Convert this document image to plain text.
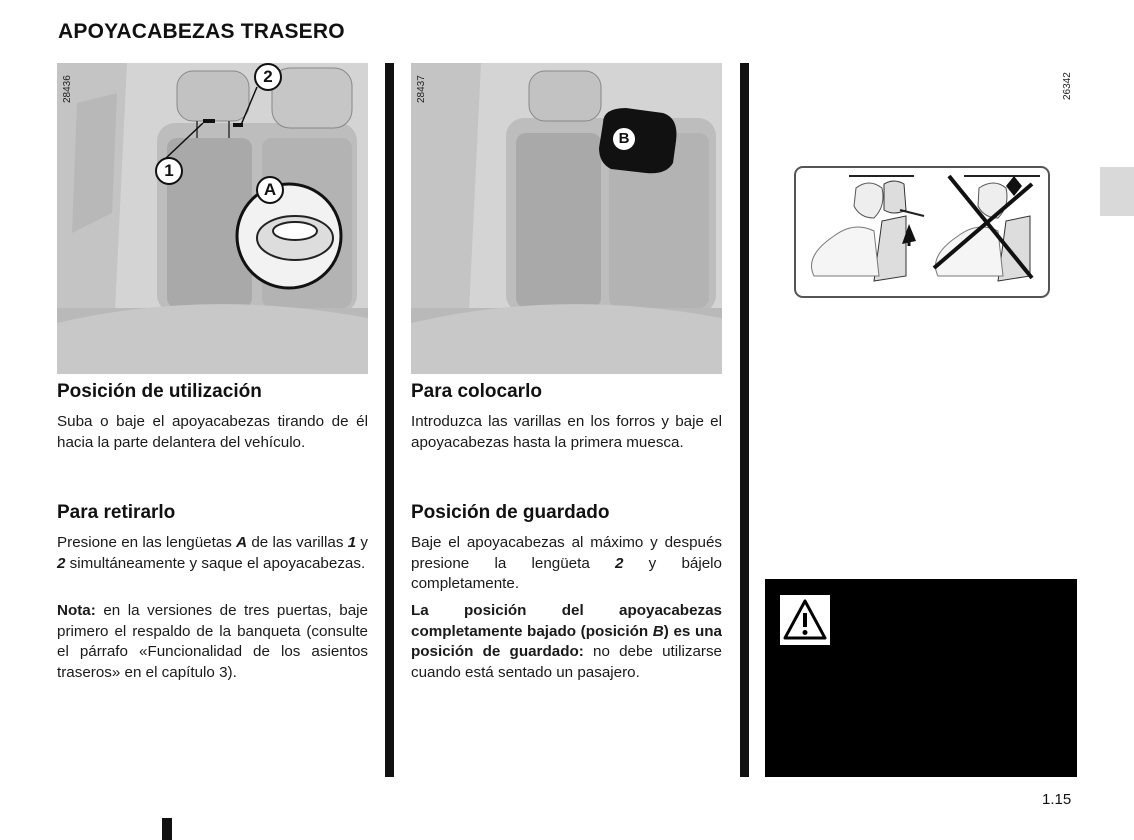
APOYACABEZAS TRASERO
28436
1
2
A
28437
B
26342
Posición de utilización

Suba o baje el apoyacabezas tirando de él hacia la parte delantera del vehículo.

Para retirarlo

Presione en las lengüetas A de las varillas 1 y 2 simultáneamente y saque el apoyacabezas.

Nota: en la versiones de tres puertas, baje primero el respaldo de la banqueta (consulte el párrafo «Funcionalidad de los asientos traseros» en el capítulo 3).

Para colocarlo

Introduzca las varillas en los forros y baje el apoyacabezas hasta la primera muesca.

Posición de guardado

Baje el apoyacabezas al máximo y después presione la lengüeta 2 y bájelo completamente.

La posición del apoyacabezas completamente bajado (posición B) es una posición de guardado: no debe utilizarse cuando está sentado un pasajero.

1.15
